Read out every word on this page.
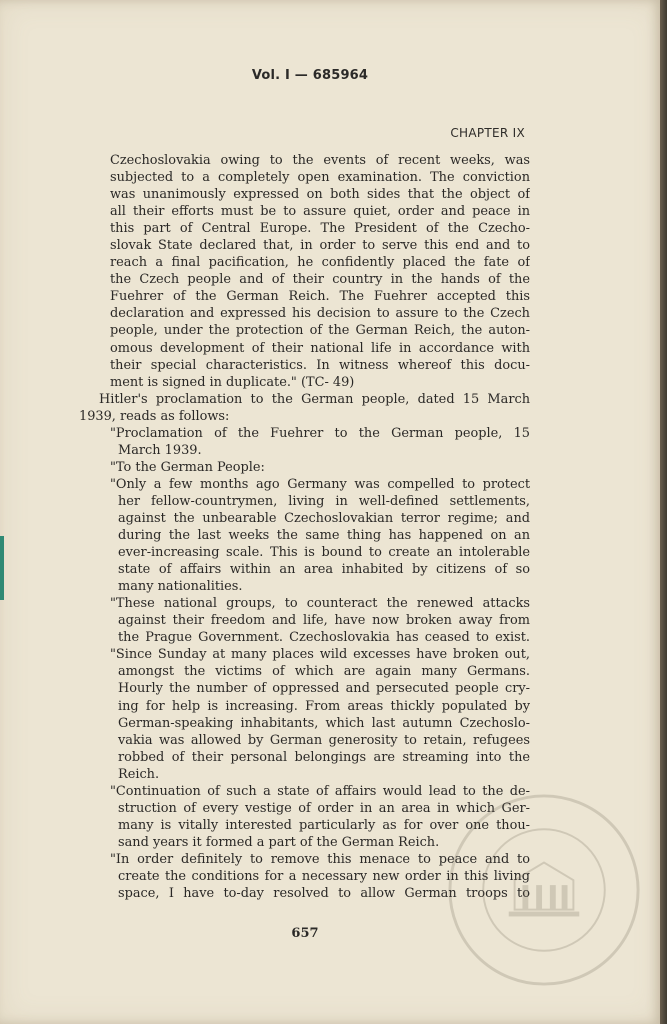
Vol. I — 685964
CHAPTER IX
Czechoslovakia owing to the events of recent weeks, was
subjected to a completely open examination. The conviction
was unanimously expressed on both sides that the object of
all their efforts must be to assure quiet, order and peace in
this part of Central Europe. The President of the Czecho-
slovak State declared that, in order to serve this end and to
reach a final pacification, he confidently placed the fate of
the Czech people and of their country in the hands of the
Fuehrer of the German Reich. The Fuehrer accepted this
declaration and expressed his decision to assure to the Czech
people, under the protection of the German Reich, the auton-
omous development of their national life in accordance with
their special characteristics. In witness whereof this docu-
ment is signed in duplicate." (TC- 49)
Hitler's proclamation to the German people, dated 15 March
1939, reads as follows:
"Proclamation of the Fuehrer to the German people, 15
March 1939.
"To the German People:
"Only a few months ago Germany was compelled to protect
her fellow-countrymen, living in well-defined settlements,
against the unbearable Czechoslovakian terror regime; and
during the last weeks the same thing has happened on an
ever-increasing scale. This is bound to create an intolerable
state of affairs within an area inhabited by citizens of so
many nationalities.
"These national groups, to counteract the renewed attacks
against their freedom and life, have now broken away from
the Prague Government. Czechoslovakia has ceased to exist.
"Since Sunday at many places wild excesses have broken out,
amongst the victims of which are again many Germans.
Hourly the number of oppressed and persecuted people cry-
ing for help is increasing. From areas thickly populated by
German-speaking inhabitants, which last autumn Czechoslo-
vakia was allowed by German generosity to retain, refugees
robbed of their personal belongings are streaming into the
Reich.
"Continuation of such a state of affairs would lead to the de-
struction of every vestige of order in an area in which Ger-
many is vitally interested particularly as for over one thou-
sand years it formed a part of the German Reich.
"In order definitely to remove this menace to peace and to
create the conditions for a necessary new order in this living
space, I have to-day resolved to allow German troops to
657
